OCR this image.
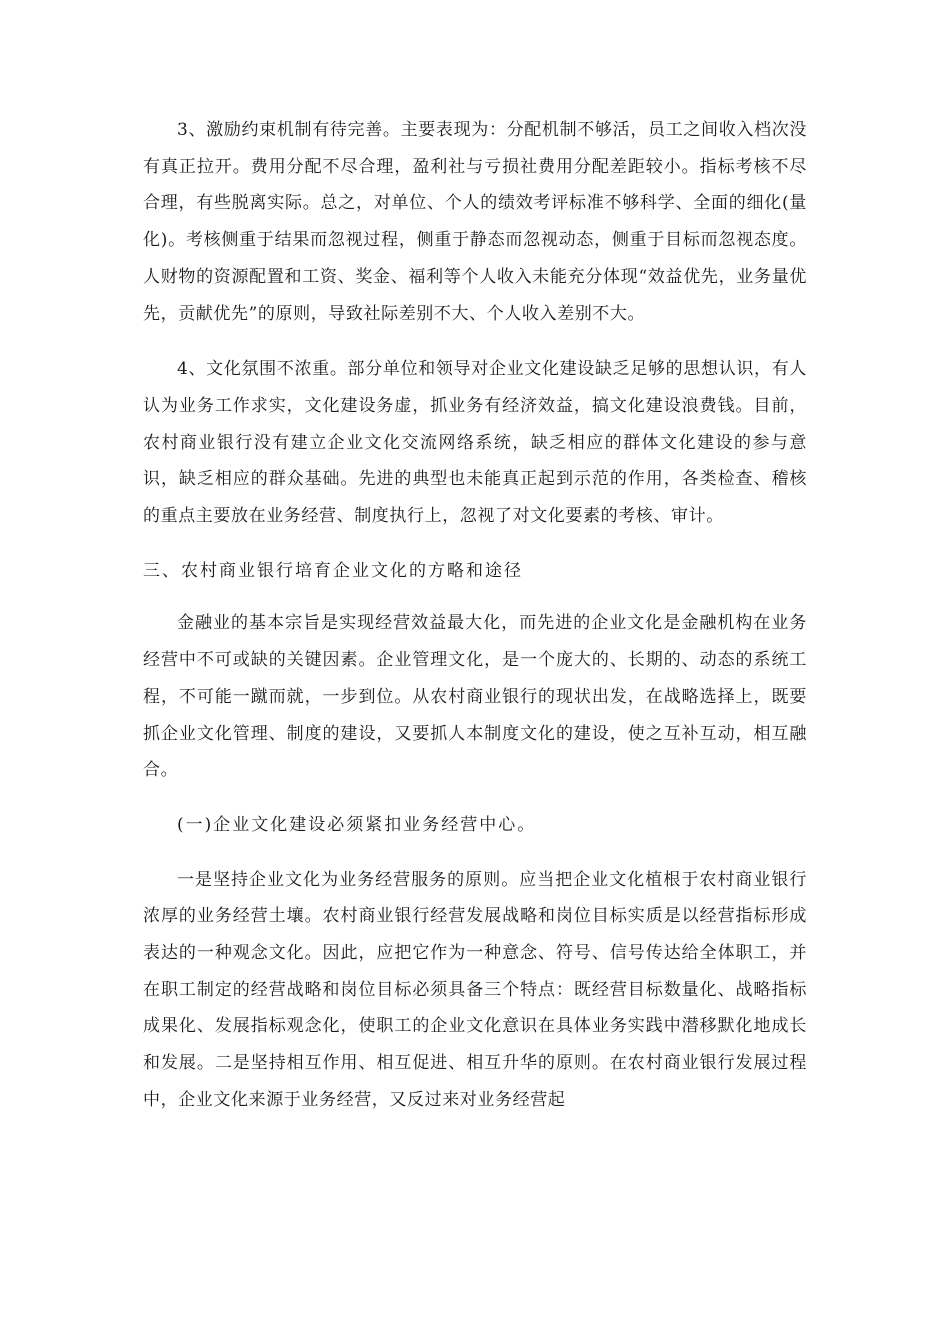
3、激励约束机制有待完善。主要表现为：分配机制不够活，员工之间收入档次没有真正拉开。费用分配不尽合理，盈利社与亏损社费用分配差距较小。指标考核不尽合理，有些脱离实际。总之，对单位、个人的绩效考评标准不够科学、全面的细化(量化)。考核侧重于结果而忽视过程，侧重于静态而忽视动态，侧重于目标而忽视态度。人财物的资源配置和工资、奖金、福利等个人收入未能充分体现“效益优先，业务量优先，贡献优先”的原则，导致社际差别不大、个人收入差别不大。

4、文化氛围不浓重。部分单位和领导对企业文化建设缺乏足够的思想认识，有人认为业务工作求实，文化建设务虚，抓业务有经济效益，搞文化建设浪费钱。目前，农村商业银行没有建立企业文化交流网络系统，缺乏相应的群体文化建设的参与意识，缺乏相应的群众基础。先进的典型也未能真正起到示范的作用，各类检查、稽核的重点主要放在业务经营、制度执行上，忽视了对文化要素的考核、审计。

三、农村商业银行培育企业文化的方略和途径

金融业的基本宗旨是实现经营效益最大化，而先进的企业文化是金融机构在业务经营中不可或缺的关键因素。企业管理文化，是一个庞大的、长期的、动态的系统工程，不可能一蹴而就，一步到位。从农村商业银行的现状出发，在战略选择上，既要抓企业文化管理、制度的建设，又要抓人本制度文化的建设，使之互补互动，相互融合。

(一)企业文化建设必须紧扣业务经营中心。

一是坚持企业文化为业务经营服务的原则。应当把企业文化植根于农村商业银行浓厚的业务经营土壤。农村商业银行经营发展战略和岗位目标实质是以经营指标形成表达的一种观念文化。因此，应把它作为一种意念、符号、信号传达给全体职工，并在职工制定的经营战略和岗位目标必须具备三个特点：既经营目标数量化、战略指标成果化、发展指标观念化，使职工的企业文化意识在具体业务实践中潜移默化地成长和发展。二是坚持相互作用、相互促进、相互升华的原则。在农村商业银行发展过程中，企业文化来源于业务经营，又反过来对业务经营起
